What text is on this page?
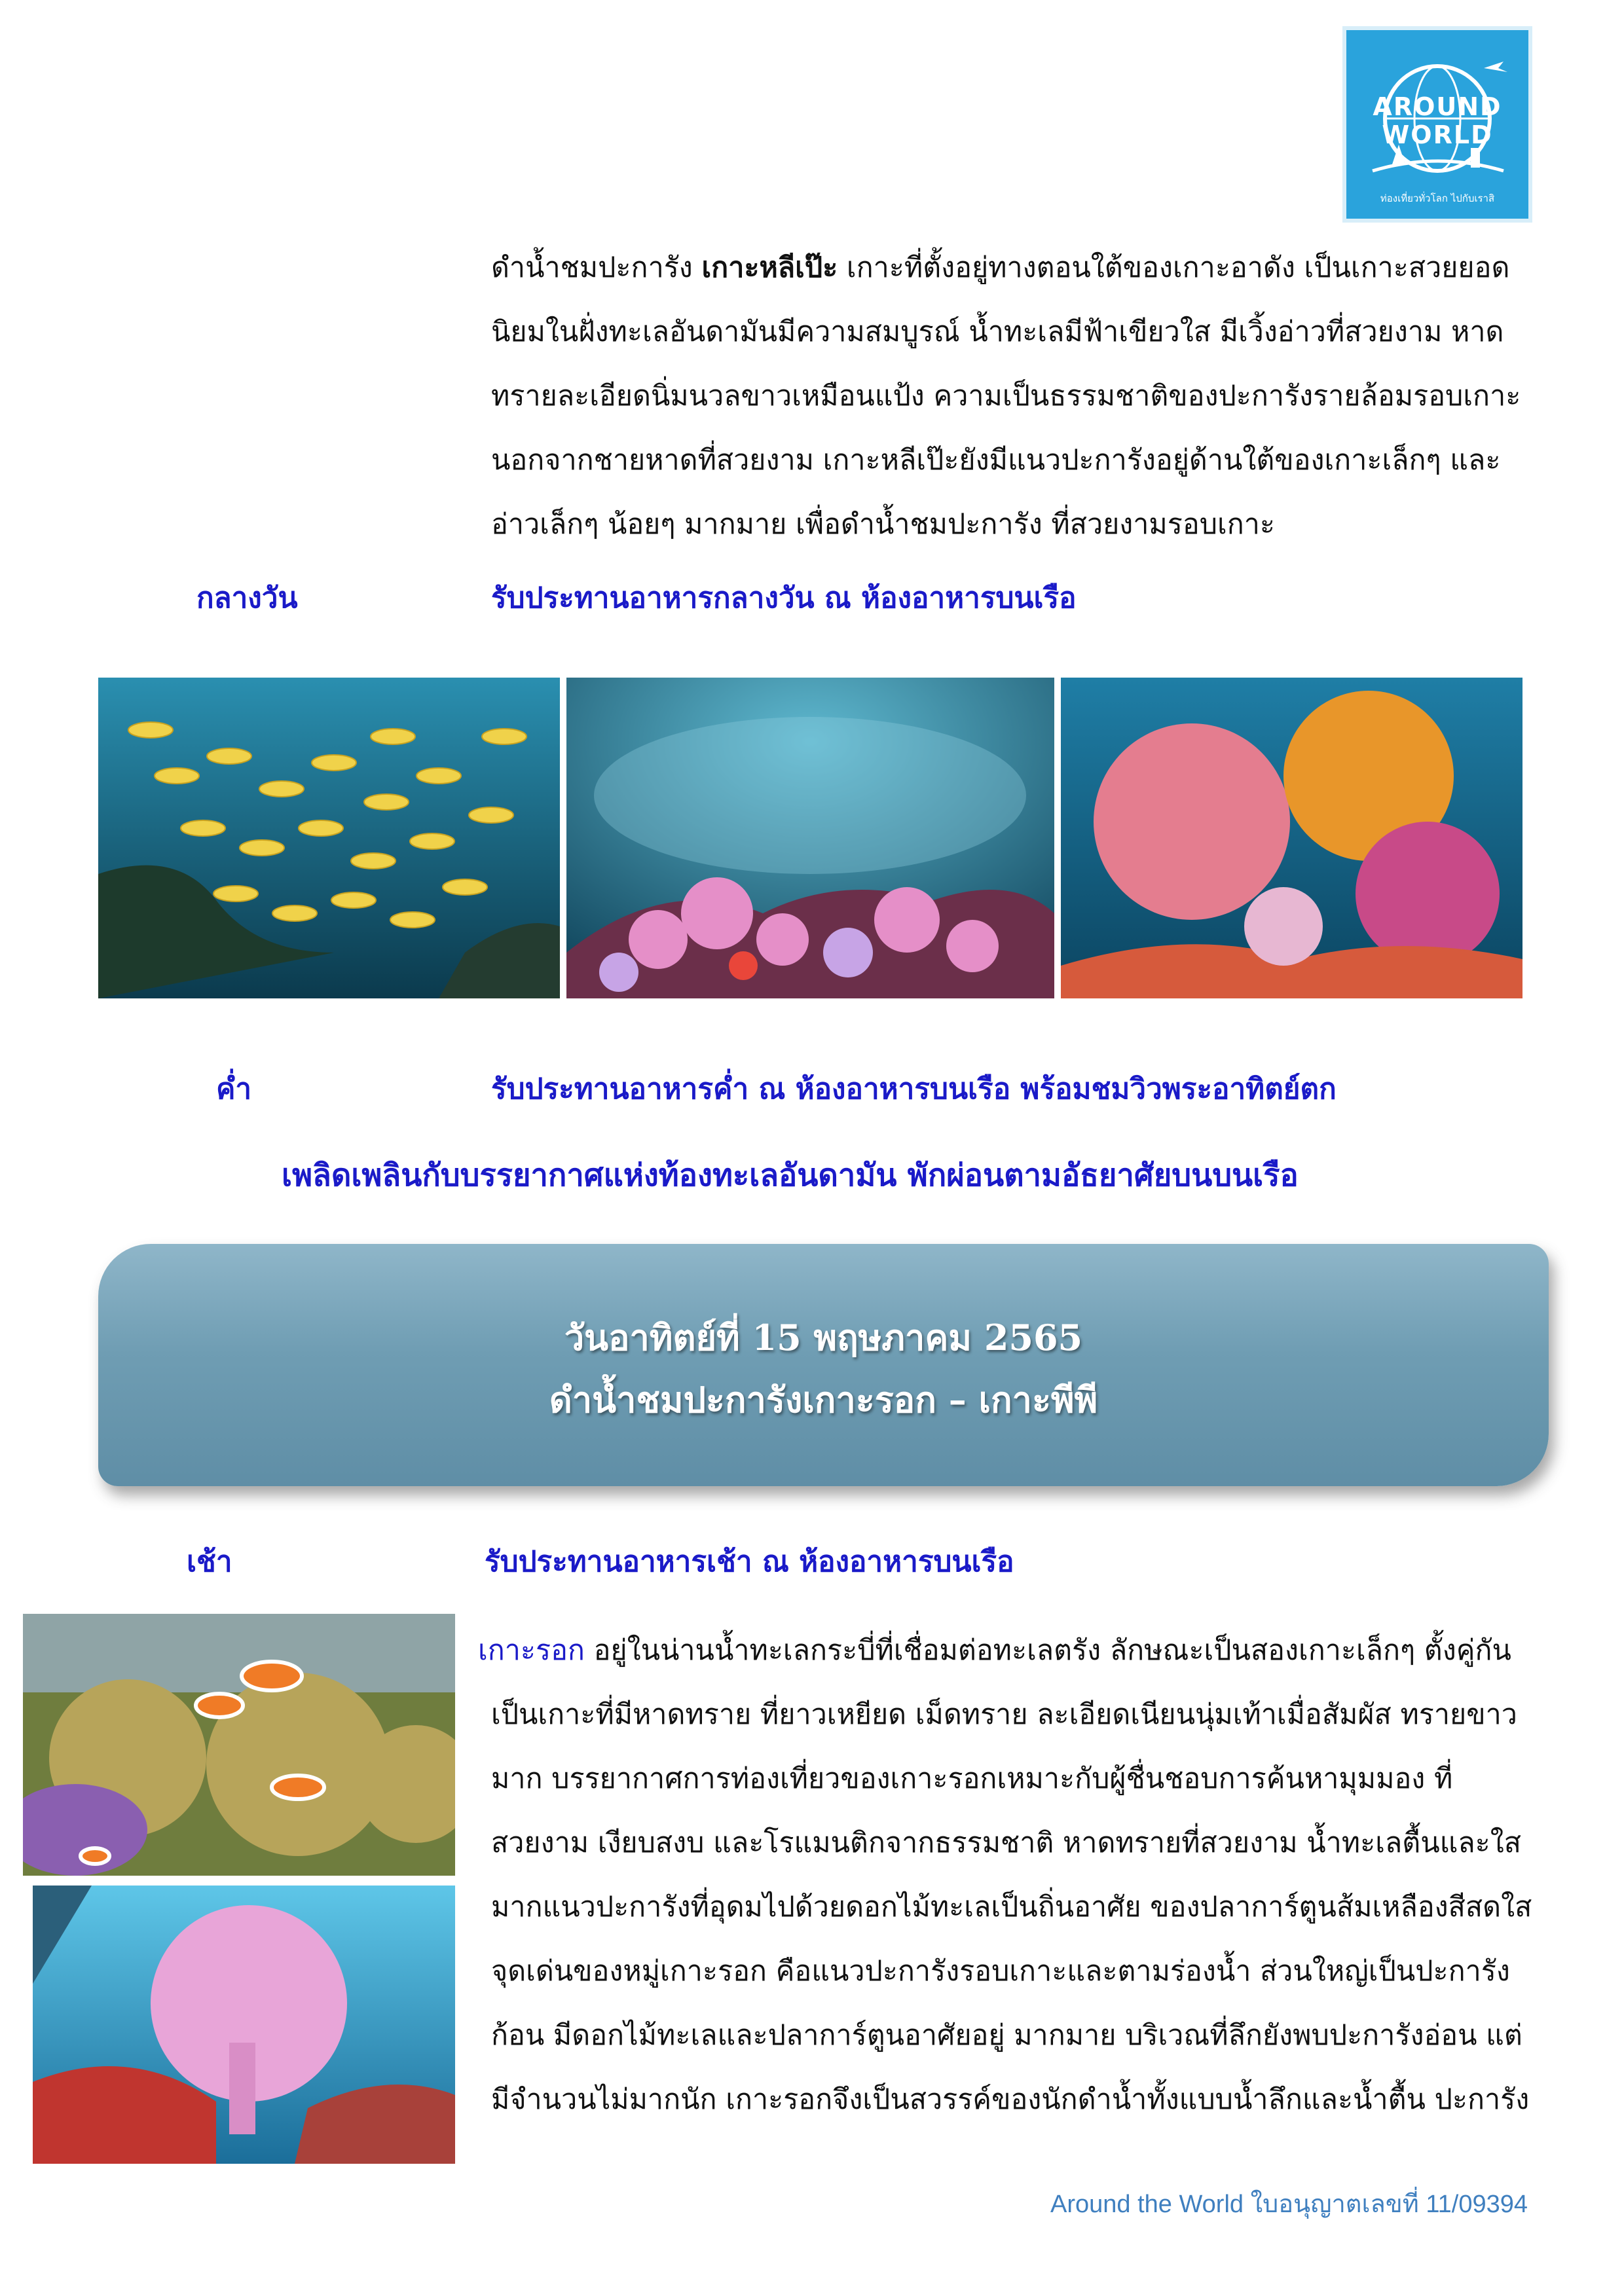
AROUND
WORLD
ท่องเที่ยวทั่วโลก ไปกับเราสิ
ดำน้ำชมปะการัง เกาะหลีเป๊ะ เกาะที่ตั้งอยู่ทางตอนใต้ของเกาะอาดัง เป็นเกาะสวยยอด
นิยมในฝั่งทะเลอันดามันมีความสมบูรณ์ น้ำทะเลมีฟ้าเขียวใส มีเวิ้งอ่าวที่สวยงาม หาด
ทรายละเอียดนิ่มนวลขาวเหมือนแป้ง ความเป็นธรรมชาติของปะการังรายล้อมรอบเกาะ
นอกจากชายหาดที่สวยงาม เกาะหลีเป๊ะยังมีแนวปะการังอยู่ด้านใต้ของเกาะเล็กๆ และ
อ่าวเล็กๆ น้อยๆ มากมาย เพื่อดำน้ำชมปะการัง ที่สวยงามรอบเกาะ
กลางวัน	รับประทานอาหารกลางวัน ณ ห้องอาหารบนเรือ
ค่ำ	รับประทานอาหารค่ำ ณ ห้องอาหารบนเรือ พร้อมชมวิวพระอาทิตย์ตก
เพลิดเพลินกับบรรยากาศแห่งท้องทะเลอันดามัน พักผ่อนตามอัธยาศัยบนบนเรือ
วันอาทิตย์ที่ 15 พฤษภาคม 2565
ดำน้ำชมปะการังเกาะรอก – เกาะพีพี
เช้า	รับประทานอาหารเช้า ณ ห้องอาหารบนเรือ
เกาะรอก อยู่ในน่านน้ำทะเลกระบี่ที่เชื่อมต่อทะเลตรัง ลักษณะเป็นสองเกาะเล็กๆ ตั้งคู่กัน
เป็นเกาะที่มีหาดทราย ที่ยาวเหยียด เม็ดทราย ละเอียดเนียนนุ่มเท้าเมื่อสัมผัส ทรายขาว
มาก บรรยากาศการท่องเที่ยวของเกาะรอกเหมาะกับผู้ชื่นชอบการค้นหามุมมอง ที่
สวยงาม เงียบสงบ และโรแมนติกจากธรรมชาติ หาดทรายที่สวยงาม น้ำทะเลตื้นและใส
มากแนวปะการังที่อุดมไปด้วยดอกไม้ทะเลเป็นถิ่นอาศัย ของปลาการ์ตูนส้มเหลืองสีสดใส
จุดเด่นของหมู่เกาะรอก คือแนวปะการังรอบเกาะและตามร่องน้ำ ส่วนใหญ่เป็นปะการัง
ก้อน มีดอกไม้ทะเลและปลาการ์ตูนอาศัยอยู่ มากมาย บริเวณที่ลึกยังพบปะการังอ่อน แต่
มีจำนวนไม่มากนัก เกาะรอกจึงเป็นสวรรค์ของนักดำน้ำทั้งแบบน้ำลึกและน้ำตื้น ปะการัง
Around the World ใบอนุญาตเลขที่ 11/09394
